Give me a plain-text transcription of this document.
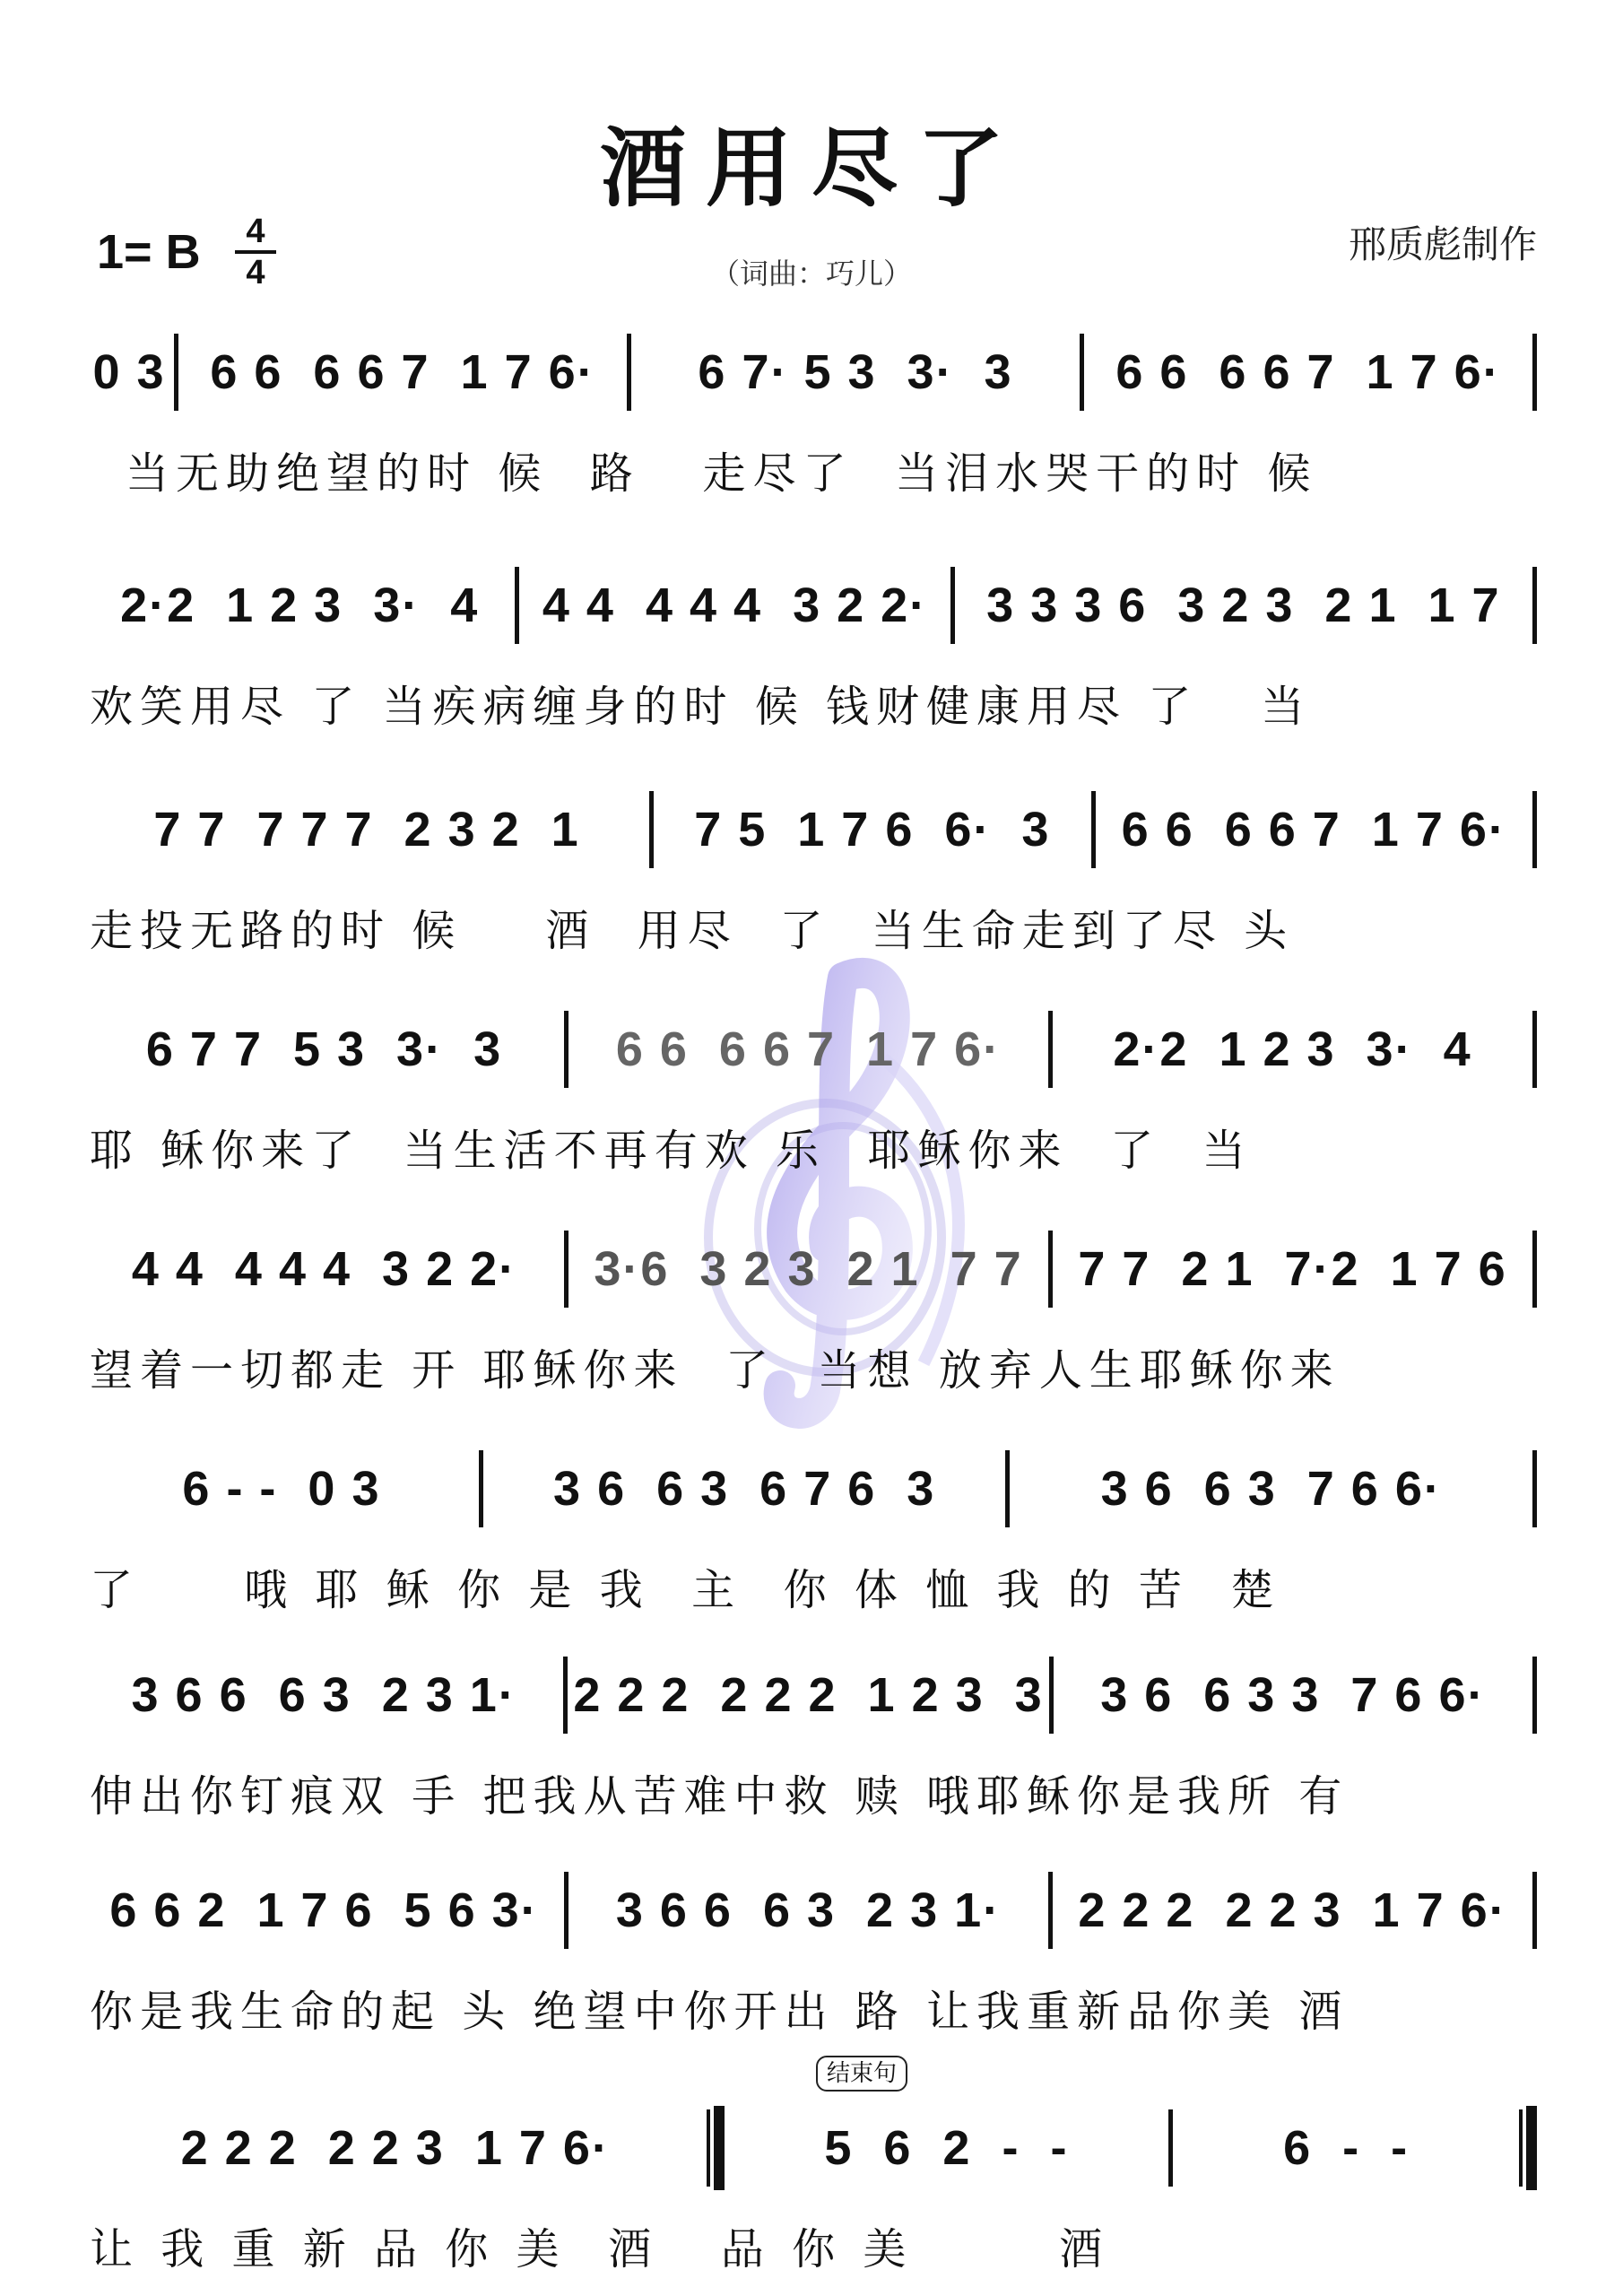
酒用尽了
1= B	4
4	（词曲：巧儿）
邢质彪制作
0 3 6 6  6 6 7  1 7 6·	6 7· 5 3  3·  3	6 6  6 6 7  1 7 6·
当无助绝望的时 候  路   走尽了  当泪水哭干的时 候
2·2  1 2 3  3·  4	4 4  4 4 4  3 2 2·	3 3 3 6  3 2 3  2 1  1 7
欢笑用尽 了 当疾病缠身的时 候 钱财健康用尽 了   当
7 7  7 7 7  2 3 2  1	7 5  1 7 6  6·  3	6 6  6 6 7  1 7 6·
走投无路的时 候    酒  用尽  了  当生命走到了尽 头
6 7 7  5 3  3·  3	6 6  6 6 7  1 7 6·	2·2  1 2 3  3·  4
耶 稣你来了  当生活不再有欢 乐  耶稣你来  了  当
4 4  4 4 4  3 2 2·	3·6  3 2 3  2 1  7 7	7 7  2 1  7·2  1 7 6
望着一切都走 开 耶稣你来  了  当想 放弃人生耶稣你来
6 - -  0 3	3 6  6 3  6 7 6  3	3 6  6 3  7 6 6·
了     哦 耶 稣 你 是 我  主  你 体 恤 我 的 苦  楚
3 6 6  6 3  2 3 1·	2 2 2  2 2 2  1 2 3  3	3 6  6 3 3  7 6 6·
伸出你钉痕双 手 把我从苦难中救 赎 哦耶稣你是我所 有
6 6 2  1 7 6  5 6 3·	3 6 6  6 3  2 3 1·	2 2 2  2 2 3  1 7 6·
你是我生命的起 头 绝望中你开出 路 让我重新品你美 酒
结束句
2 2 2  2 2 3  1 7 6·	5  6  2  -  -	6  -  -
让 我 重 新 品 你 美  酒   品 你 美       酒
